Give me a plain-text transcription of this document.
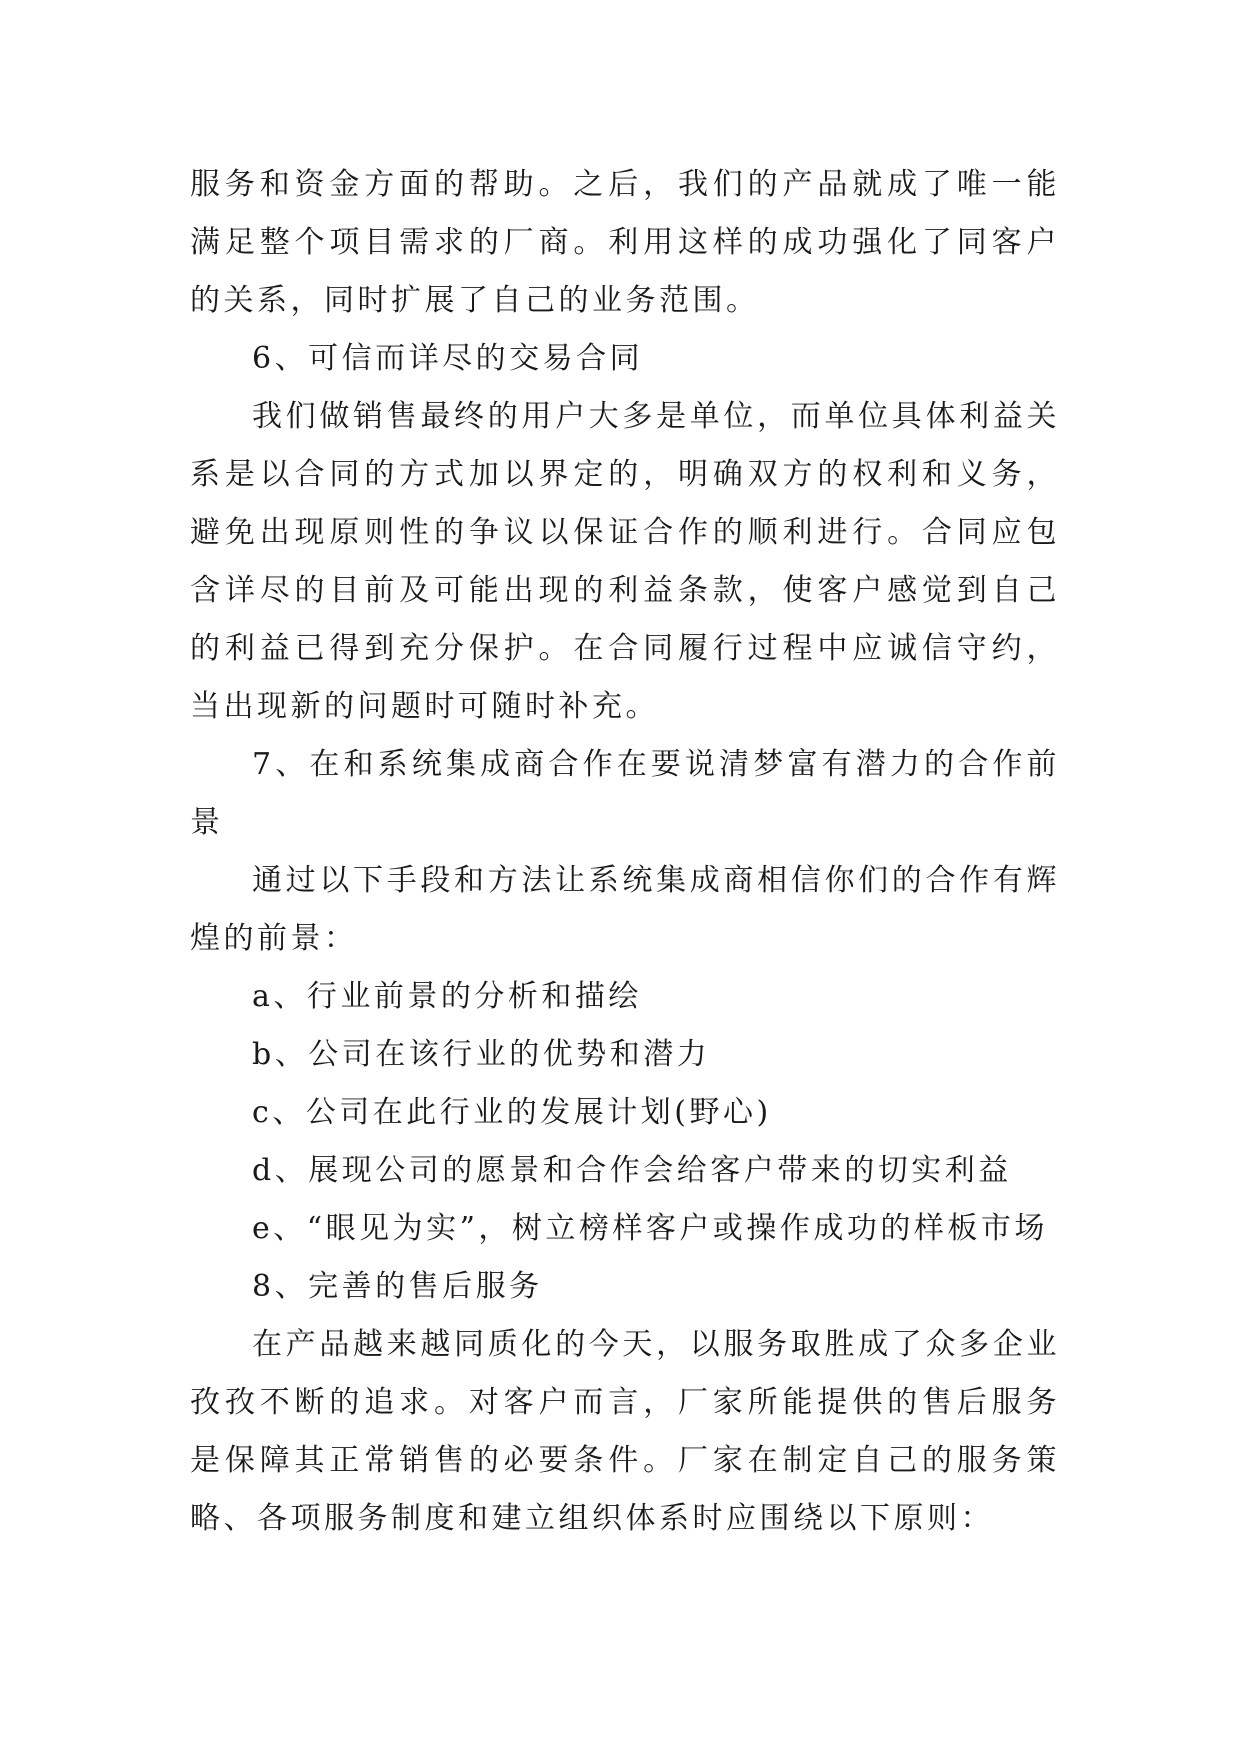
服务和资金方面的帮助。之后，我们的产品就成了唯一能满足整个项目需求的厂商。利用这样的成功强化了同客户的关系，同时扩展了自己的业务范围。

6、可信而详尽的交易合同

我们做销售最终的用户大多是单位，而单位具体利益关系是以合同的方式加以界定的，明确双方的权利和义务，避免出现原则性的争议以保证合作的顺利进行。合同应包含详尽的目前及可能出现的利益条款，使客户感觉到自己的利益已得到充分保护。在合同履行过程中应诚信守约，当出现新的问题时可随时补充。

7、在和系统集成商合作在要说清梦富有潜力的合作前景

通过以下手段和方法让系统集成商相信你们的合作有辉煌的前景：

a、行业前景的分析和描绘

b、公司在该行业的优势和潜力

c、公司在此行业的发展计划(野心)

d、展现公司的愿景和合作会给客户带来的切实利益

e、“眼见为实”，树立榜样客户或操作成功的样板市场

8、完善的售后服务

在产品越来越同质化的今天，以服务取胜成了众多企业孜孜不断的追求。对客户而言，厂家所能提供的售后服务是保障其正常销售的必要条件。厂家在制定自己的服务策略、各项服务制度和建立组织体系时应围绕以下原则：
